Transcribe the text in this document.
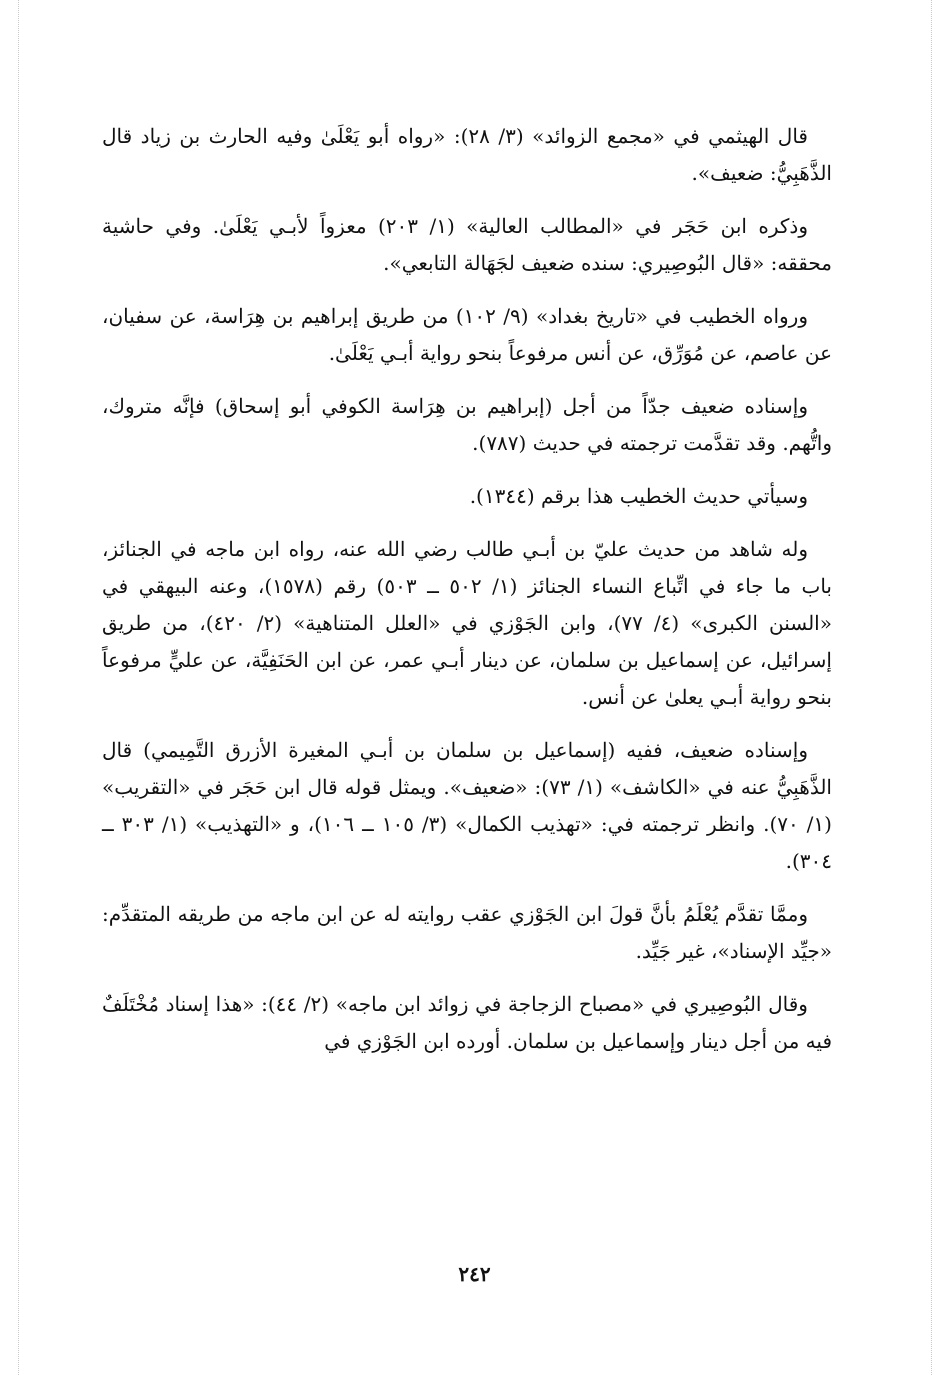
قال الهيثمي في «مجمع الزوائد» (٣/ ٢٨): «رواه أبو يَعْلَىٰ وفيه الحارث بن زياد قال الذَّهَبِيُّ: ضعيف».

وذكره ابن حَجَر في «المطالب العالية» (١/ ٢٠٣) معزواً لأبـي يَعْلَىٰ. وفي حاشية محققه: «قال البُوصِيري: سنده ضعيف لجَهَالة التابعي».

ورواه الخطيب في «تاريخ بغداد» (٩/ ١٠٢) من طريق إبراهيم بن هِرَاسة، عن سفيان، عن عاصم، عن مُوَرِّق، عن أنس مرفوعاً بنحو رواية أبـي يَعْلَىٰ.

وإسناده ضعيف جدّاً من أجل (إبراهيم بن هِرَاسة الكوفي أبو إسحاق) فإنَّه متروك، واتُّهم. وقد تقدَّمت ترجمته في حديث (٧٨٧).

وسيأتي حديث الخطيب هذا برقم (١٣٤٤).

وله شاهد من حديث عليّ بن أبـي طالب رضي الله عنه، رواه ابن ماجه في الجنائز، باب ما جاء في اتِّباع النساء الجنائز (١/ ٥٠٢ ــ ٥٠٣) رقم (١٥٧٨)، وعنه البيهقي في «السنن الكبرى» (٤/ ٧٧)، وابن الجَوْزي في «العلل المتناهية» (٢/ ٤٢٠)، من طريق إسرائيل، عن إسماعيل بن سلمان، عن دينار أبـي عمر، عن ابن الحَنَفِيَّة، عن عليٍّ مرفوعاً بنحو رواية أبـي يعلىٰ عن أنس.

وإسناده ضعيف، ففيه (إسماعيل بن سلمان بن أبـي المغيرة الأزرق التَّمِيمي) قال الذَّهَبِيُّ عنه في «الكاشف» (١/ ٧٣): «ضعيف». ويمثل قوله قال ابن حَجَر في «التقريب» (١/ ٧٠). وانظر ترجمته في: «تهذيب الكمال» (٣/ ١٠٥ ــ ١٠٦)، و «التهذيب» (١/ ٣٠٣ ــ ٣٠٤).

وممَّا تقدَّم يُعْلَمُ بأنَّ قولَ ابن الجَوْزي عقب روايته له عن ابن ماجه من طريقه المتقدِّم: «جيِّد الإسناد»، غير جَيِّد.

وقال البُوصِيري في «مصباح الزجاجة في زوائد ابن ماجه» (٢/ ٤٤): «هذا إسناد مُخْتَلَفٌ فيه من أجل دينار وإسماعيل بن سلمان. أورده ابن الجَوْزي في

٢٤٢
